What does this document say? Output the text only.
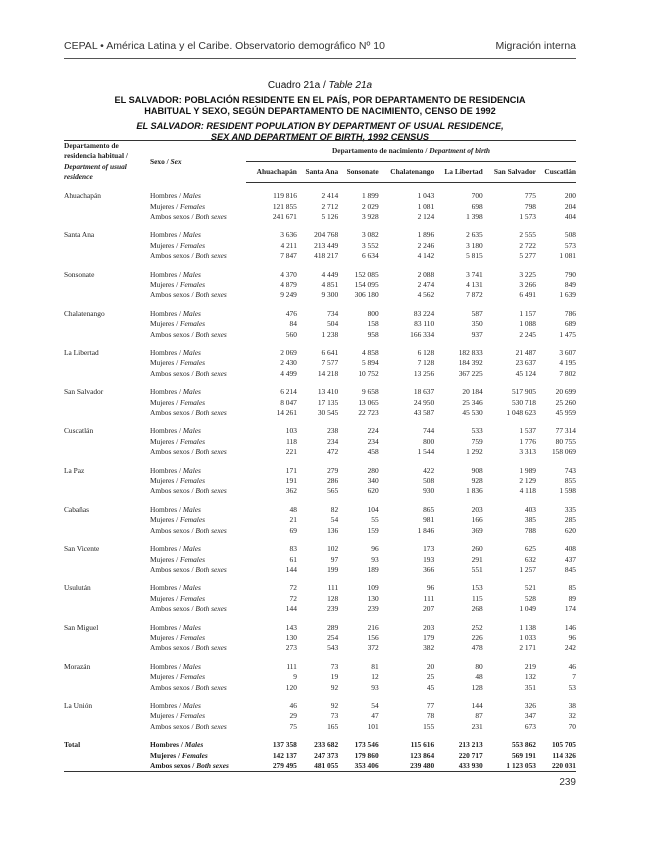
CEPAL • América Latina y el Caribe. Observatorio demográfico Nº 10	Migración interna
Cuadro 21a / Table 21a
EL SALVADOR: POBLACIÓN RESIDENTE EN EL PAÍS, POR DEPARTAMENTO DE RESIDENCIA
HABITUAL Y SEXO, SEGÚN DEPARTAMENTO DE NACIMIENTO, CENSO DE 1992
EL SALVADOR: RESIDENT POPULATION BY DEPARTMENT OF USUAL RESIDENCE,
SEX AND DEPARTMENT OF BIRTH, 1992 CENSUS
Departamento de residencia habitual / Department of usual residence	Sexo / Sex	Departamento de nacimiento / Department of birth						
		Ahuachapán	Santa Ana	Sonsonate	Chalatenango	La Libertad	San Salvador	Cuscatlán

Ahuachapán	Hombres / Males	119 816	2 414	1 899	1 043	700	775	200
	Mujeres / Females	121 855	2 712	2 029	1 081	698	798	204
	Ambos sexos / Both sexes	241 671	5 126	3 928	2 124	1 398	1 573	404

Santa Ana	Hombres / Males	3 636	204 768	3 082	1 896	2 635	2 555	508
	Mujeres / Females	4 211	213 449	3 552	2 246	3 180	2 722	573
	Ambos sexos / Both sexes	7 847	418 217	6 634	4 142	5 815	5 277	1 081

Sonsonate	Hombres / Males	4 370	4 449	152 085	2 088	3 741	3 225	790
	Mujeres / Females	4 879	4 851	154 095	2 474	4 131	3 266	849
	Ambos sexos / Both sexes	9 249	9 300	306 180	4 562	7 872	6 491	1 639

Chalatenango	Hombres / Males	476	734	800	83 224	587	1 157	786
	Mujeres / Females	84	504	158	83 110	350	1 088	689
	Ambos sexos / Both sexes	560	1 238	958	166 334	937	2 245	1 475

La Libertad	Hombres / Males	2 069	6 641	4 858	6 128	182 833	21 487	3 607
	Mujeres / Females	2 430	7 577	5 894	7 128	184 392	23 637	4 195
	Ambos sexos / Both sexes	4 499	14 218	10 752	13 256	367 225	45 124	7 802

San Salvador	Hombres / Males	6 214	13 410	9 658	18 637	20 184	517 905	20 699
	Mujeres / Females	8 047	17 135	13 065	24 950	25 346	530 718	25 260
	Ambos sexos / Both sexes	14 261	30 545	22 723	43 587	45 530	1 048 623	45 959

Cuscatlán	Hombres / Males	103	238	224	744	533	1 537	77 314
	Mujeres / Females	118	234	234	800	759	1 776	80 755
	Ambos sexos / Both sexes	221	472	458	1 544	1 292	3 313	158 069

La Paz	Hombres / Males	171	279	280	422	908	1 989	743
	Mujeres / Females	191	286	340	508	928	2 129	855
	Ambos sexos / Both sexes	362	565	620	930	1 836	4 118	1 598

Cabañas	Hombres / Males	48	82	104	865	203	403	335
	Mujeres / Females	21	54	55	981	166	385	285
	Ambos sexos / Both sexes	69	136	159	1 846	369	788	620

San Vicente	Hombres / Males	83	102	96	173	260	625	408
	Mujeres / Females	61	97	93	193	291	632	437
	Ambos sexos / Both sexes	144	199	189	366	551	1 257	845

Usulután	Hombres / Males	72	111	109	96	153	521	85
	Mujeres / Females	72	128	130	111	115	528	89
	Ambos sexos / Both sexes	144	239	239	207	268	1 049	174

San Miguel	Hombres / Males	143	289	216	203	252	1 138	146
	Mujeres / Females	130	254	156	179	226	1 033	96
	Ambos sexos / Both sexes	273	543	372	382	478	2 171	242

Morazán	Hombres / Males	111	73	81	20	80	219	46
	Mujeres / Females	9	19	12	25	48	132	7
	Ambos sexos / Both sexes	120	92	93	45	128	351	53

La Unión	Hombres / Males	46	92	54	77	144	326	38
	Mujeres / Females	29	73	47	78	87	347	32
	Ambos sexos / Both sexes	75	165	101	155	231	673	70

Total	Hombres / Males	137 358	233 682	173 546	115 616	213 213	553 862	105 705
	Mujeres / Females	142 137	247 373	179 860	123 864	220 717	569 191	114 326
	Ambos sexos / Both sexes	279 495	481 055	353 406	239 480	433 930	1 123 053	220 031
239
